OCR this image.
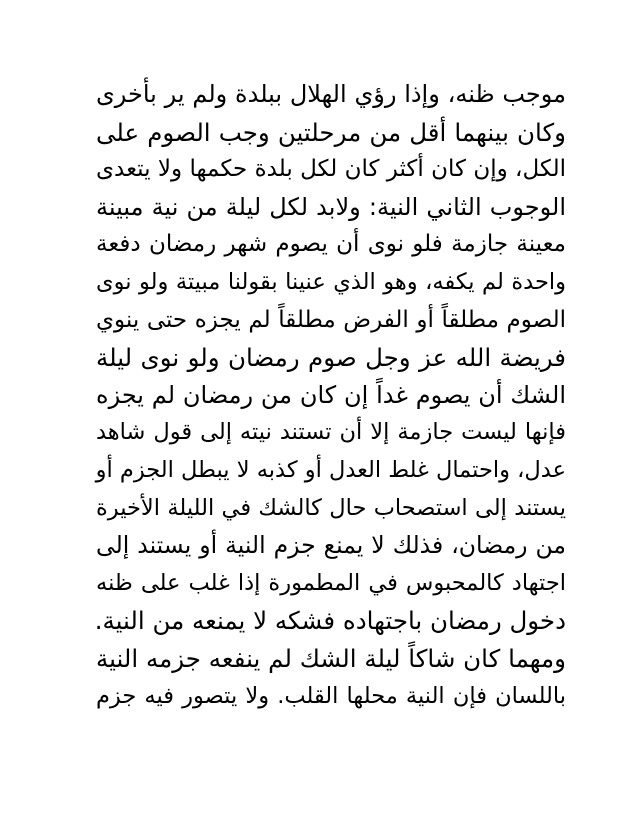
موجب ظنه، وإذا رؤي الهلال ببلدة ولم ير بأخرى
وكان بينهما أقل من مرحلتين وجب الصوم على
الكل، وإن كان أكثر كان لكل بلدة حكمها ولا يتعدى
الوجوب الثاني النية: ولابد لكل ليلة من نية مبينة
معينة جازمة فلو نوى أن يصوم شهر رمضان دفعة
واحدة لم يكفه، وهو الذي عنينا بقولنا مبيتة ولو نوى
الصوم مطلقاً أو الفرض مطلقاً لم يجزه حتى ينوي
فريضة الله عز وجل صوم رمضان ولو نوى ليلة
الشك أن يصوم غداً إن كان من رمضان لم يجزه
فإنها ليست جازمة إلا أن تستند نيته إلى قول شاهد
عدل، واحتمال غلط العدل أو كذبه لا يبطل الجزم أو
يستند إلى استصحاب حال كالشك في الليلة الأخيرة
من رمضان، فذلك لا يمنع جزم النية أو يستند إلى
اجتهاد كالمحبوس في المطمورة إذا غلب على ظنه
دخول رمضان باجتهاده فشكه لا يمنعه من النية.
ومهما كان شاكاً ليلة الشك لم ينفعه جزمه النية
باللسان فإن النية محلها القلب. ولا يتصور فيه جزم
